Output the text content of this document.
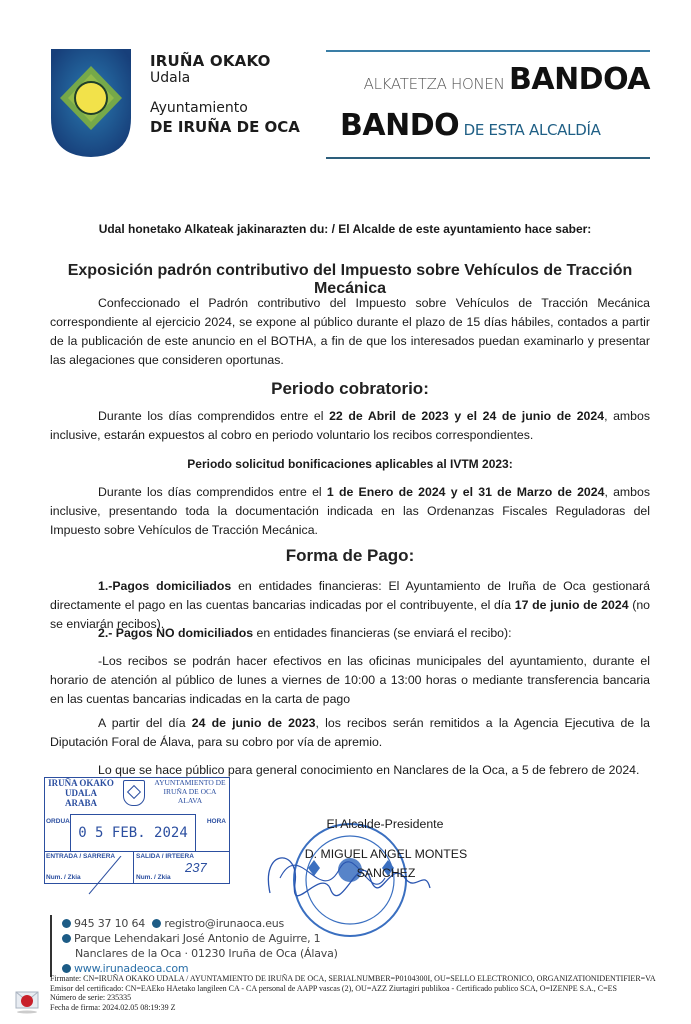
IRUÑA OKAKO
Udala
Ayuntamiento
DE IRUÑA DE OCA
ALKATETZA HONEN BANDOA
BANDO DE ESTA ALCALDÍA
Udal honetako Alkateak jakinarazten du: / El Alcalde de este ayuntamiento hace saber:
Exposición padrón contributivo del Impuesto sobre Vehículos de Tracción Mecánica
Confeccionado el Padrón contributivo del Impuesto sobre Vehículos de Tracción Mecánica correspondiente al ejercicio 2024, se expone al público durante el plazo de 15 días hábiles, contados a partir de la publicación de este anuncio en el BOTHA, a fin de que los interesados puedan examinarlo y presentar las alegaciones que consideren oportunas.
Periodo cobratorio:
Durante los días comprendidos entre el 22 de Abril de 2023 y el 24 de junio de 2024, ambos inclusive, estarán expuestos al cobro en periodo voluntario los recibos correspondientes.
Periodo solicitud bonificaciones aplicables al IVTM 2023:
Durante los días comprendidos entre el 1 de Enero de 2024 y el 31 de Marzo de 2024, ambos inclusive, presentando toda la documentación indicada en las Ordenanzas Fiscales Reguladoras del Impuesto sobre Vehículos de Tracción Mecánica.
Forma de Pago:
1.-Pagos domiciliados en entidades financieras: El Ayuntamiento de Iruña de Oca gestionará directamente el pago en las cuentas bancarias indicadas por el contribuyente, el día 17 de junio de 2024 (no se enviarán recibos).
2.- Pagos NO domiciliados en entidades financieras (se enviará el recibo):
-Los recibos se podrán hacer efectivos en las oficinas municipales del ayuntamiento, durante el horario de atención al público de lunes a viernes de 10:00 a 13:00 horas o mediante transferencia bancaria en las cuentas bancarias indicadas en la carta de pago
A partir del día 24 de junio de 2023, los recibos serán remitidos a la Agencia Ejecutiva de la Diputación Foral de Álava, para su cobro por vía de apremio.
Lo que se hace público para general conocimiento en Nanclares de la Oca, a 5 de febrero de 2024.
IRUÑA OKAKO
UDALA
ARABA
AYUNTAMIENTO DE
IRUÑA DE OCA
ALAVA
ORDUA	HORA
0 5 FEB. 2024
ENTRADA / SARRERA	SALIDA / IRTEERA
Num. / Zkia	Num. / Zkia
237
El Alcalde-Presidente
D. MIGUEL ANGEL MONTES SANCHEZ
945 37 10 64 registro@irunaoca.eus
Parque Lehendakari José Antonio de Aguirre, 1
Nanclares de la Oca · 01230 Iruña de Oca (Álava)
www.irunadeoca.com
Firmante: CN=IRUÑA OKAKO UDALA / AYUNTAMIENTO DE IRUÑA DE OCA, SERIALNUMBER=P0104300I, OU=SELLO ELECTRONICO, ORGANIZATIONIDENTIFIER=VA
Emisor del certificado: CN=EAEko HAetako langileen CA - CA personal de AAPP vascas (2), OU=AZZ Ziurtagiri publikoa - Certificado publico SCA, O=IZENPE S.A., C=ES
Número de serie: 235335
Fecha de firma: 2024.02.05 08:19:39 Z
